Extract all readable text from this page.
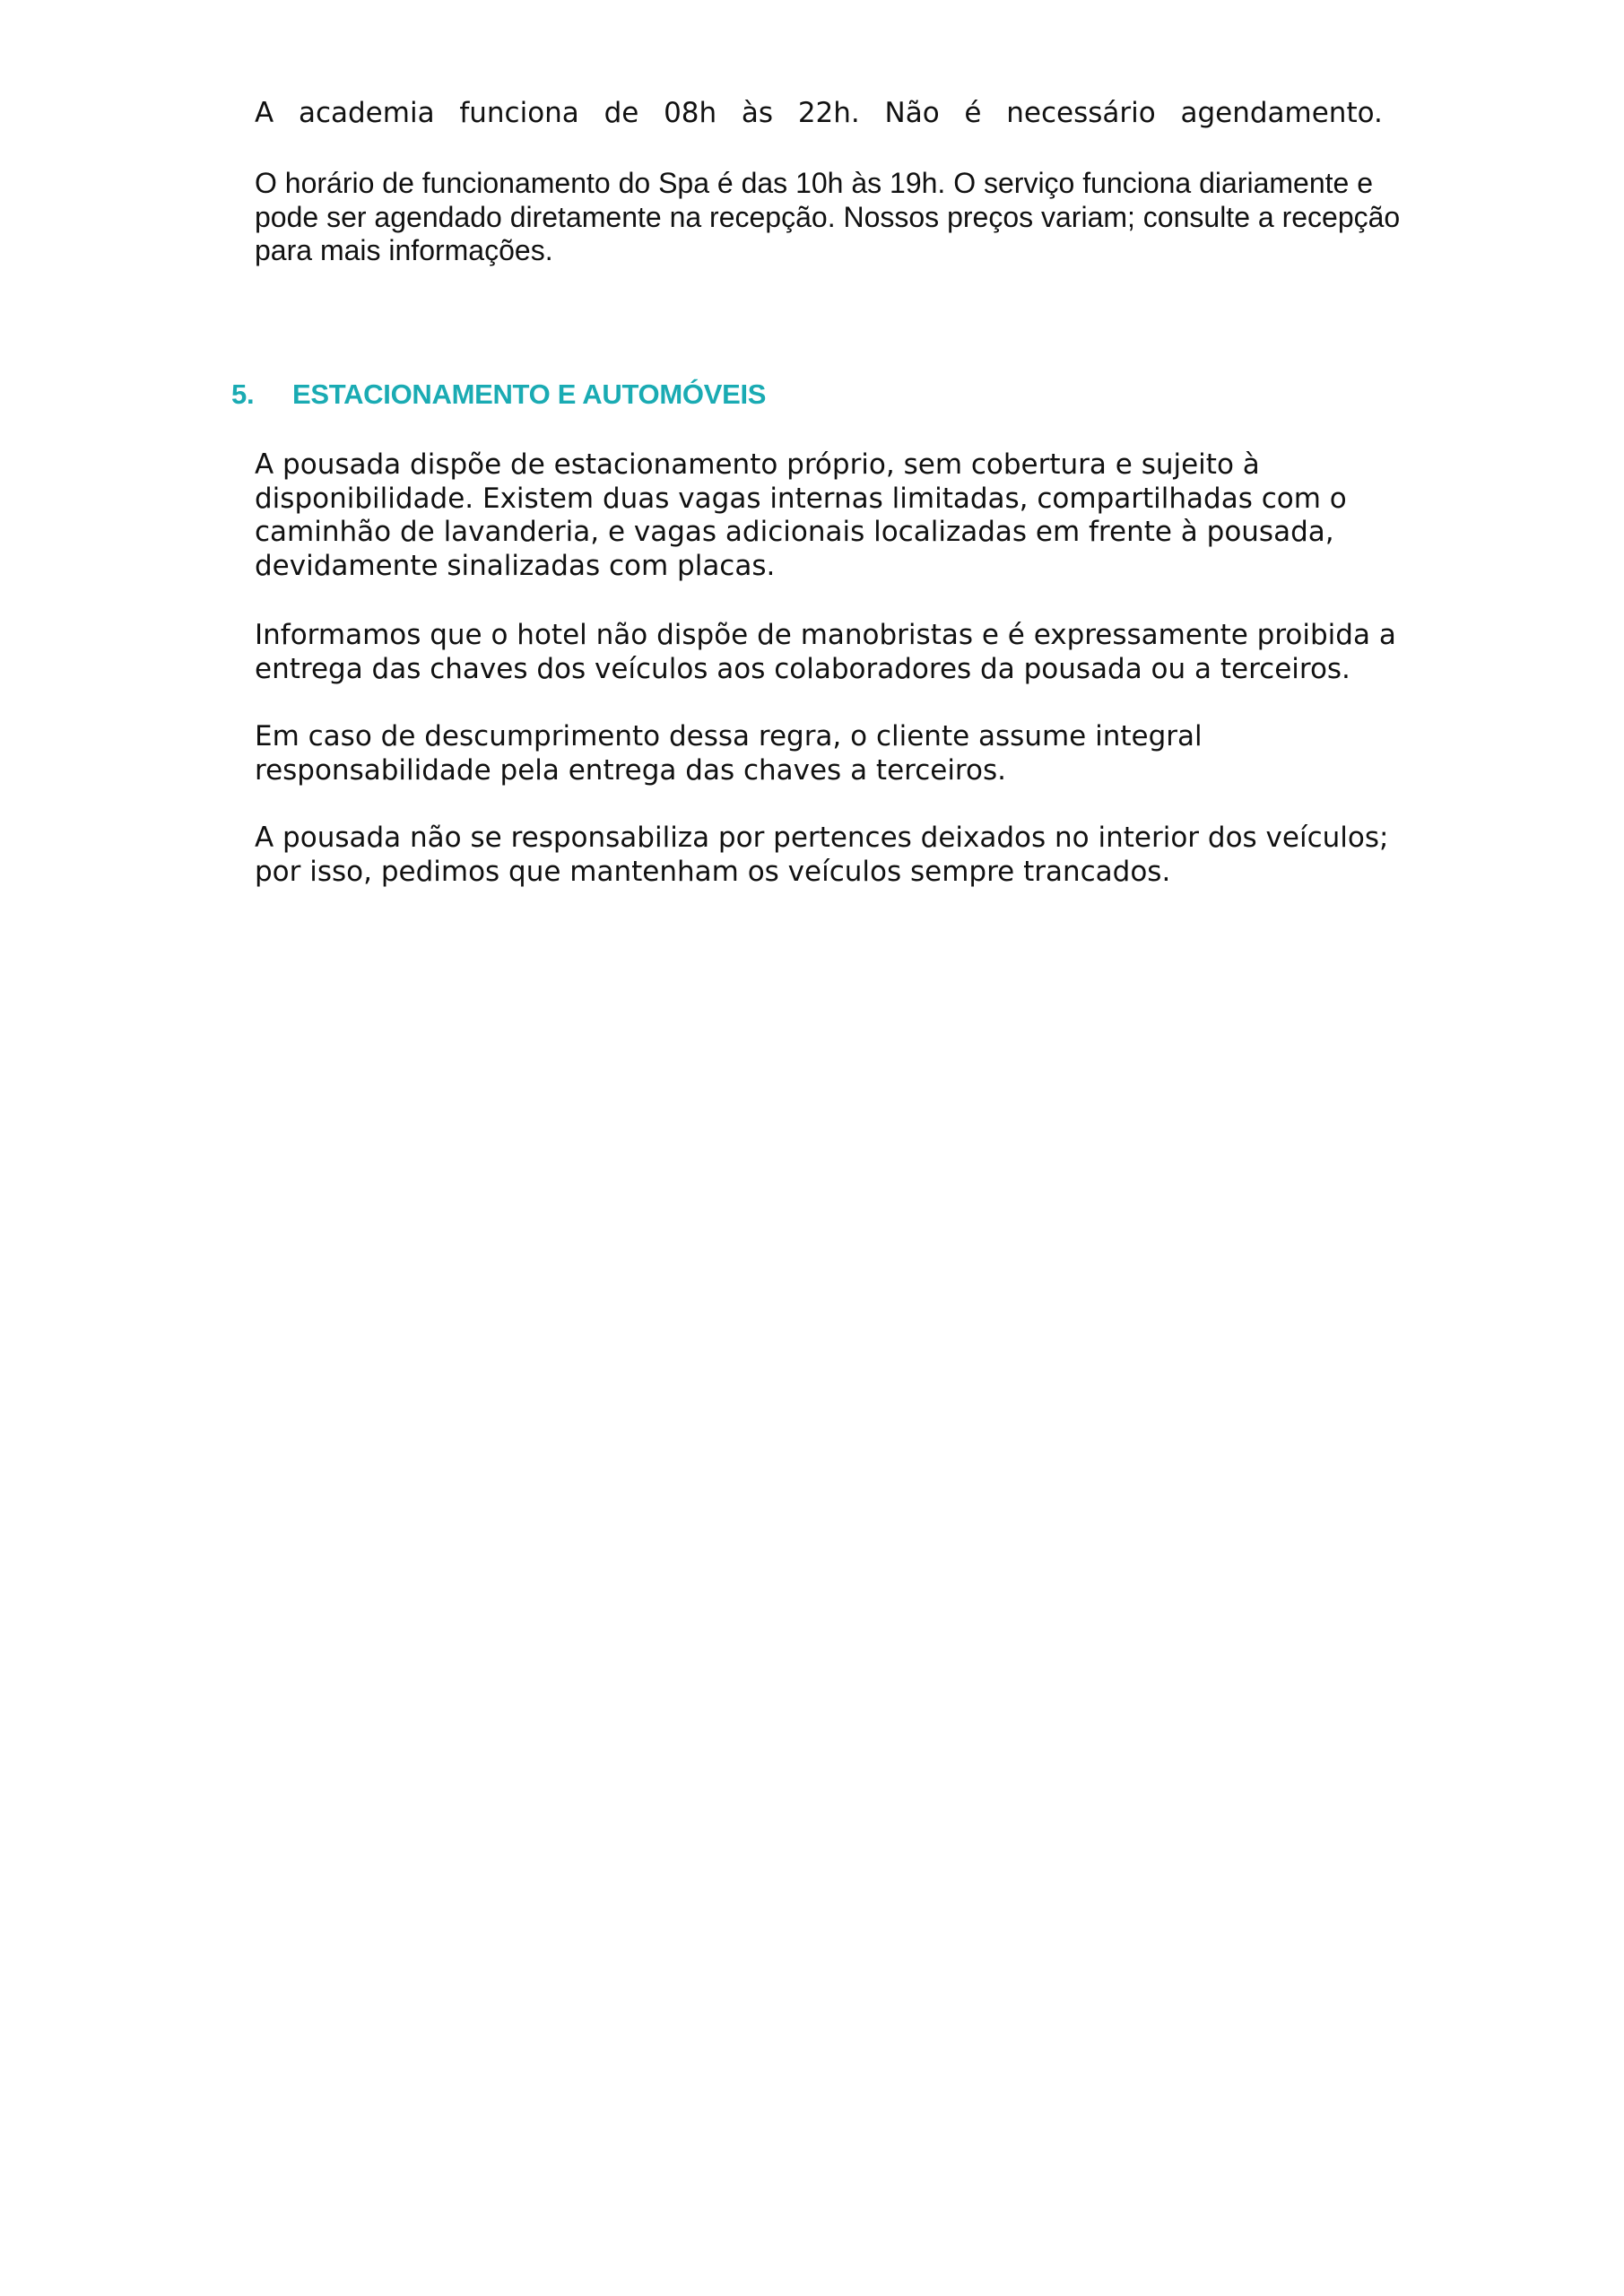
A academia funciona de 08h às 22h. Não é necessário agendamento.

O horário de funcionamento do Spa é das 10h às 19h. O serviço funciona diariamente e
pode ser agendado diretamente na recepção. Nossos preços variam; consulte a recepção
para mais informações.

5. ESTACIONAMENTO E AUTOMÓVEIS

A pousada dispõe de estacionamento próprio, sem cobertura e sujeito à
disponibilidade. Existem duas vagas internas limitadas, compartilhadas com o
caminhão de lavanderia, e vagas adicionais localizadas em frente à pousada,
devidamente sinalizadas com placas.

Informamos que o hotel não dispõe de manobristas e é expressamente proibida a
entrega das chaves dos veículos aos colaboradores da pousada ou a terceiros.

Em caso de descumprimento dessa regra, o cliente assume integral
responsabilidade pela entrega das chaves a terceiros.

A pousada não se responsabiliza por pertences deixados no interior dos veículos;
por isso, pedimos que mantenham os veículos sempre trancados.
